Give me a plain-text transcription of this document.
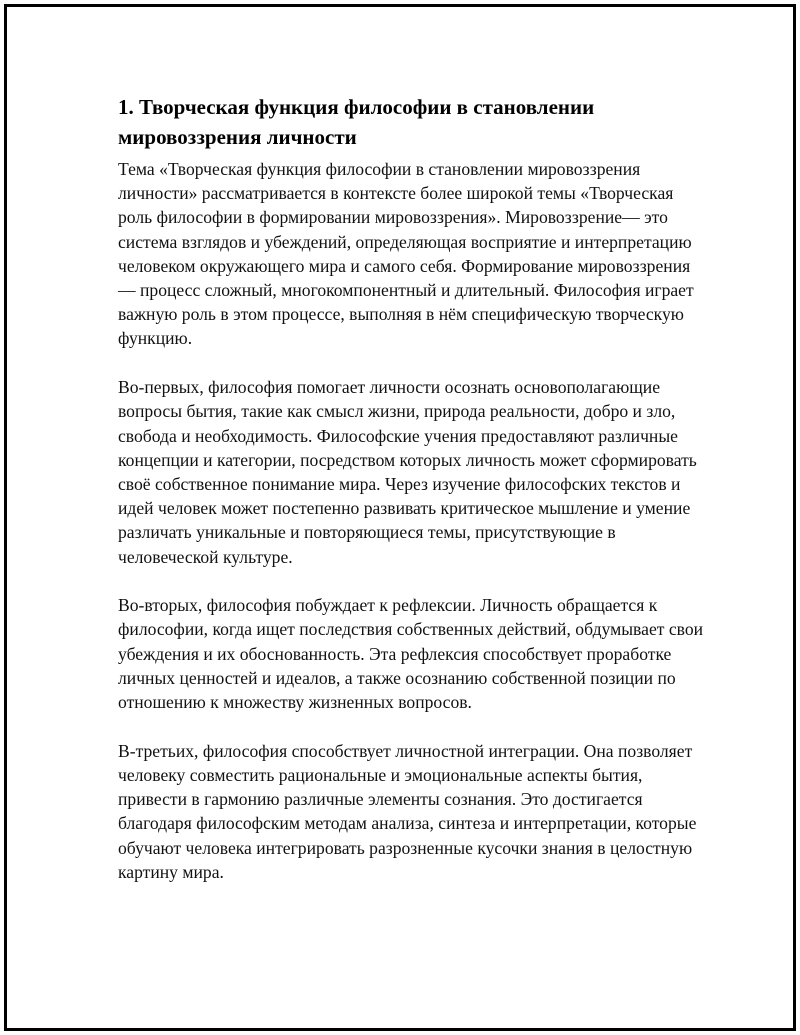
1. Творческая функция философии в становлении мировоззрения личности

Тема «Творческая функция философии в становлении мировоззрения личности» рассматривается в контексте более широкой темы «Творческая роль философии в формировании мировоззрения». Мировоззрение— это система взглядов и убеждений, определяющая восприятие и интерпретацию человеком окружающего мира и самого себя. Формирование мировоззрения — процесс сложный, многокомпонентный и длительный. Философия играет важную роль в этом процессе, выполняя в нём специфическую творческую функцию.

Во-первых, философия помогает личности осознать основополагающие вопросы бытия, такие как смысл жизни, природа реальности, добро и зло, свобода и необходимость. Философские учения предоставляют различные концепции и категории, посредством которых личность может сформировать своё собственное понимание мира. Через изучение философских текстов и идей человек может постепенно развивать критическое мышление и умение различать уникальные и повторяющиеся темы, присутствующие в человеческой культуре.

Во-вторых, философия побуждает к рефлексии. Личность обращается к философии, когда ищет последствия собственных действий, обдумывает свои убеждения и их обоснованность. Эта рефлексия способствует проработке личных ценностей и идеалов, а также осознанию собственной позиции по отношению к множеству жизненных вопросов.

В-третьих, философия способствует личностной интеграции. Она позволяет человеку совместить рациональные и эмоциональные аспекты бытия, привести в гармонию различные элементы сознания. Это достигается благодаря философским методам анализа, синтеза и интерпретации, которые обучают человека интегрировать разрозненные кусочки знания в целостную картину мира.
